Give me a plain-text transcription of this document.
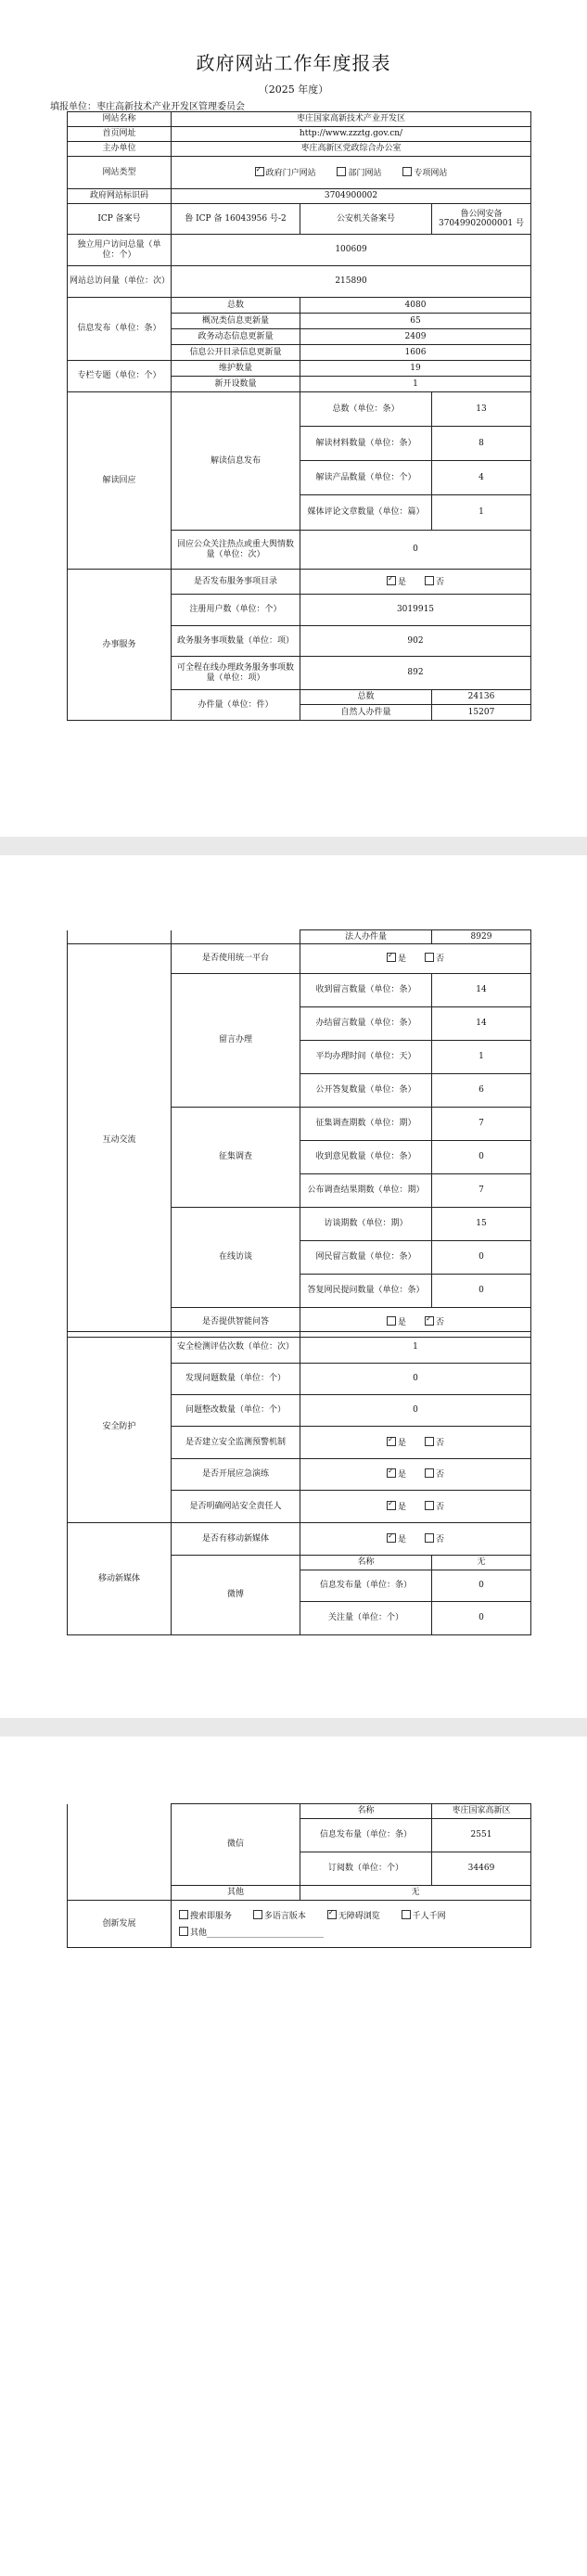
政府网站工作年度报表
（2025 年度）
填报单位：枣庄高新技术产业开发区管理委员会
网站名称	枣庄国家高新技术产业开发区		
首页网址	http://www.zzztg.gov.cn/		
主办单位	枣庄高新区党政综合办公室		
网站类型	✓政府门户网站 部门网站 专项网站
政府网站标识码	3704900002		
ICP 备案号	鲁 ICP 备 16043956 号-2	公安机关备案号	鲁公网安备 37049902000001 号
独立用户访问总量（单位：个）	100609		
网站总访问量（单位：次）	215890		
信息发布（单位：条）	总数	4080	
	概况类信息更新量	65	
	政务动态信息更新量	2409	
	信息公开目录信息更新量	1606	
专栏专题（单位：个）	维护数量	19	
	新开设数量	1	
解读回应	解读信息发布	总数（单位：条）	13
		解读材料数量（单位：条）	8
		解读产品数量（单位：个）	4
		媒体评论文章数量（单位：篇）	1
	回应公众关注热点或重大舆情数量（单位：次）	0	
办事服务	是否发布服务事项目录	✓是 否
	注册用户数（单位：个）	3019915	
	政务服务事项数量（单位：项）	902	
	可全程在线办理政务服务事项数量（单位：项）	892	
	办件量（单位：件）	总数	24136
		自然人办件量	15207
		法人办件量	8929
互动交流	是否使用统一平台	✓是 否
	留言办理	收到留言数量（单位：条）	14
		办结留言数量（单位：条）	14
		平均办理时间（单位：天）	1
		公开答复数量（单位：条）	6
	征集调查	征集调查期数（单位：期）	7
		收到意见数量（单位：条）	0
		公布调查结果期数（单位：期）	7
	在线访谈	访谈期数（单位：期）	15
		网民留言数量（单位：条）	0
		答复网民提问数量（单位：条）	0
	是否提供智能问答	是 ✓ 否
安全防护	安全检测评估次数（单位：次）	1	
	发现问题数量（单位：个）	0	
	问题整改数量（单位：个）	0	
	是否建立安全监测预警机制	✓是 否
	是否开展应急演练	✓是 否
	是否明确网站安全责任人	✓是 否
移动新媒体	是否有移动新媒体	✓是 否
	微博	名称	无
		信息发布量（单位：条）	0
		关注量（单位：个）	0
	微信	名称	枣庄国家高新区
		信息发布量（单位：条）	2551
		订阅数（单位：个）	34469
	其他	无	
创新发展	搜索即服务 多语言版本 ✓ 无障碍浏览 千人千网
其他____________________________
